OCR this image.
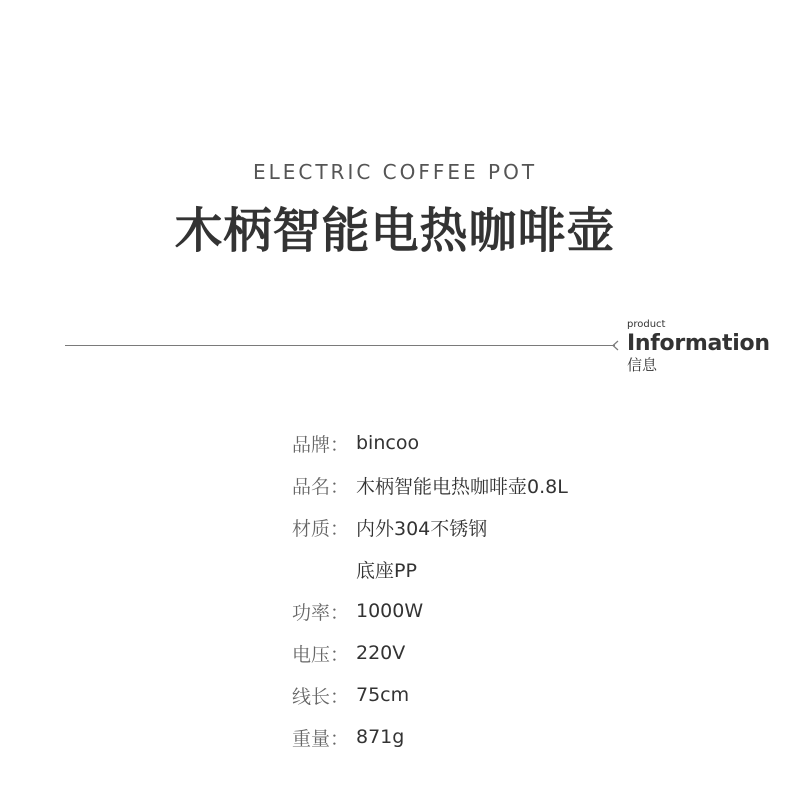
ELECTRIC COFFEE POT
木柄智能电热咖啡壶
product
Information
信息
品牌： bincoo
品名： 木柄智能电热咖啡壶0.8L
材质： 内外304不锈钢
底座PP
功率： 1000W
电压： 220V
线长： 75cm
重量： 871g
